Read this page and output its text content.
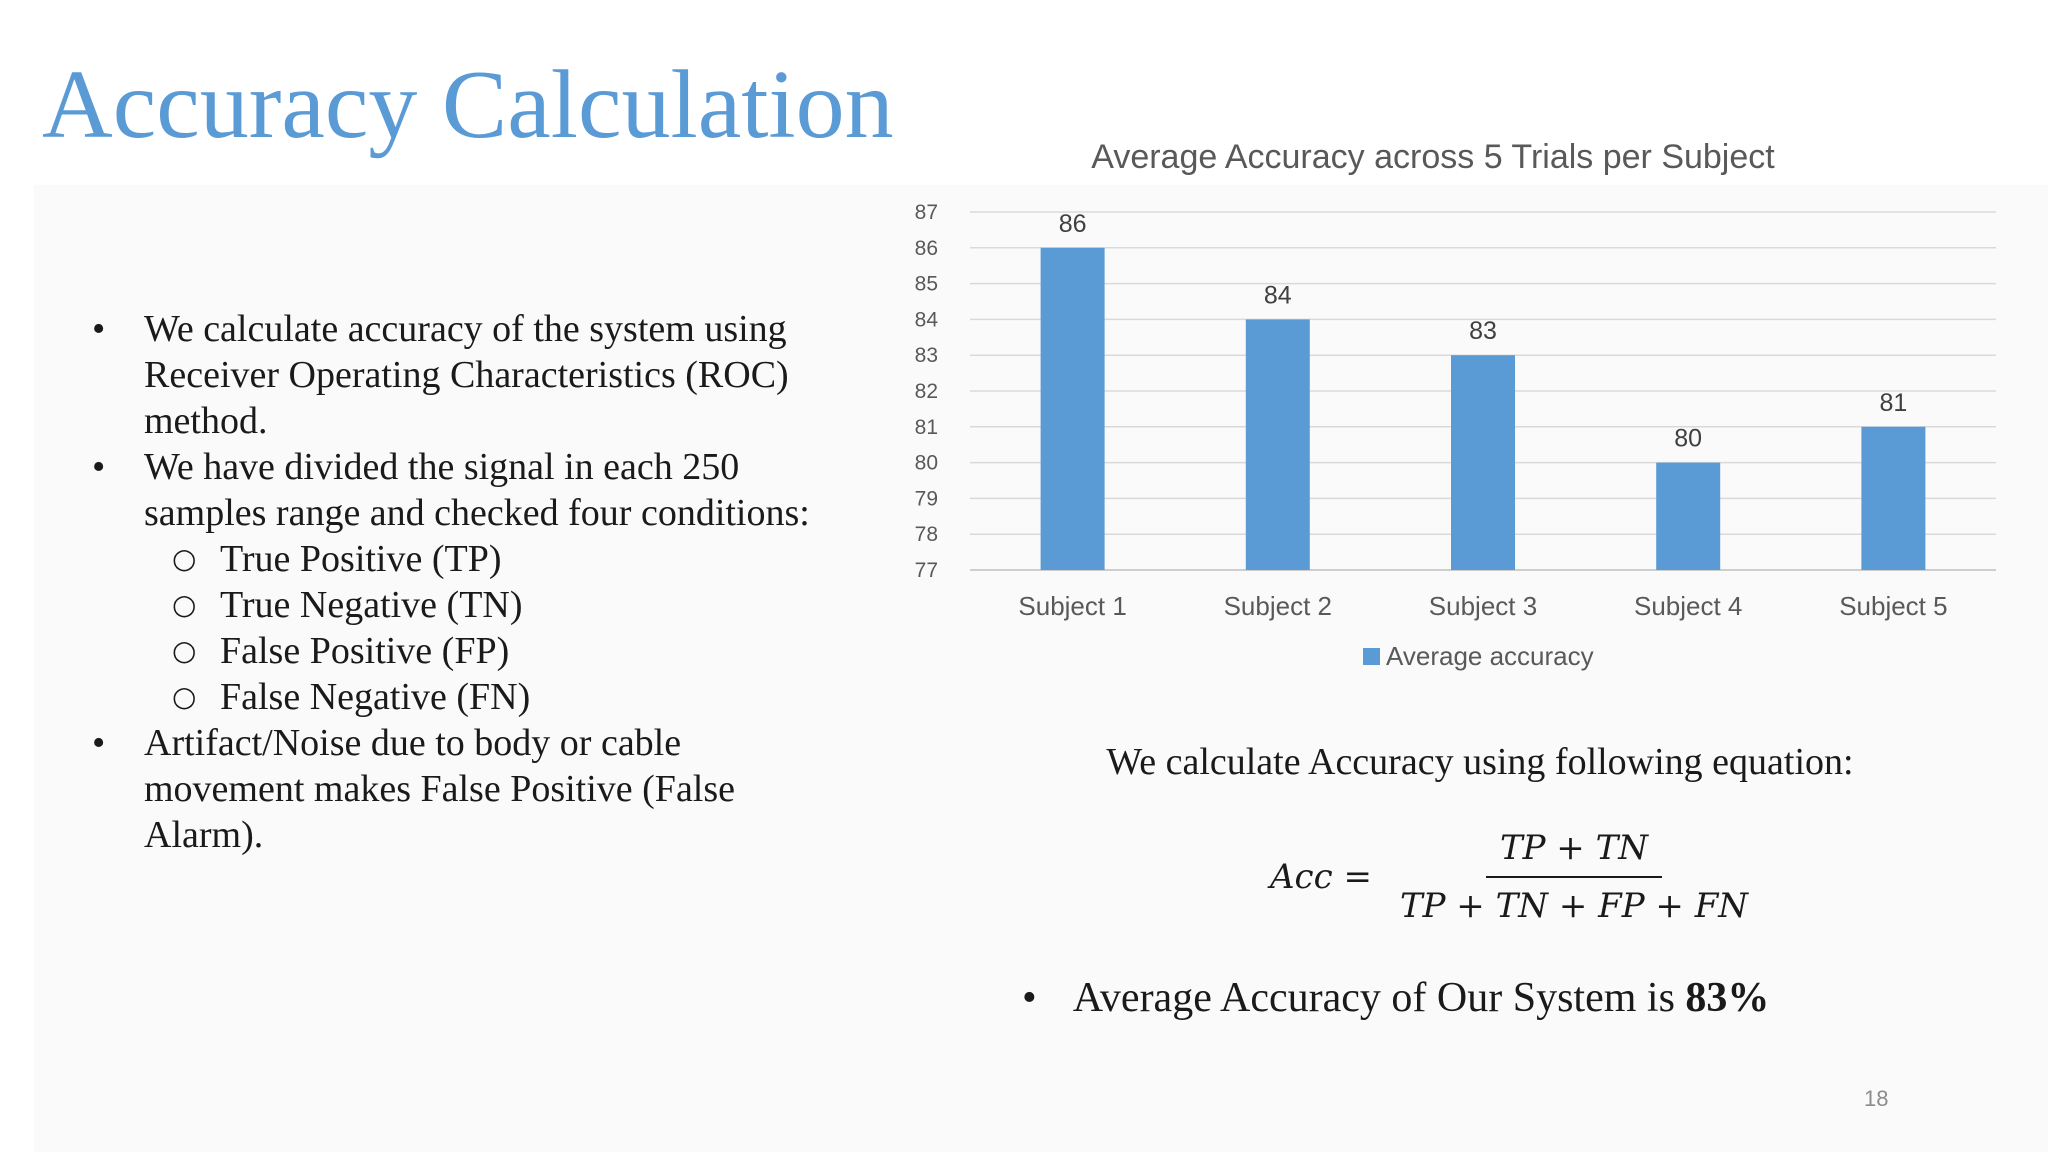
Accuracy Calculation
• We calculate accuracy of the system using Receiver Operating Characteristics (ROC) method.
• We have divided the signal in each 250 samples range and checked four conditions:
○ True Positive (TP)
○ True Negative (TN)
○ False Positive (FP)
○ False Negative (FN)
• Artifact/Noise due to body or cable movement makes False Positive (False Alarm).
Average Accuracy across 5 Trials per Subject
77
78
79
80
81
82
83
84
85
86
87	86
Subject 1
84
Subject 2
83
Subject 3
80
Subject 4
81
Subject 5
Average accuracy
We calculate Accuracy using following equation:
Acc = $\frac{TP + TN}{TP + TN + FP + FN}$
• Average Accuracy of Our System is 83%
18
